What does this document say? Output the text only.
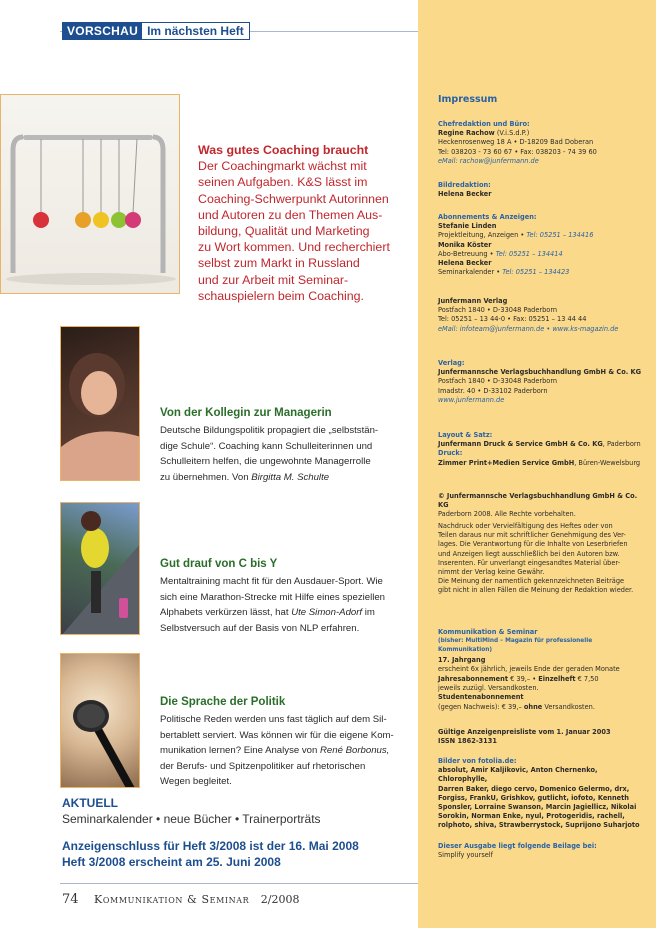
VORSCHAU Im nächsten Heft
Impressum
Chefredaktion und Büro:
Regine Rachow (V.i.S.d.P.)
Heckenrosenweg 18 A • D-18209 Bad Doberan
Tel: 038203 - 73 60 67 • Fax: 038203 - 74 39 60
eMail: rachow@junfermann.de
Bildredaktion:
Helena Becker
Abonnements & Anzeigen:
Stefanie Linden
Projektleitung, Anzeigen • Tel: 05251 – 134416
Monika Köster
Abo-Betreuung • Tel: 05251 – 134414
Helena Becker
Seminarkalender • Tel: 05251 – 134423
Junfermann Verlag
Postfach 1840 • D-33048 Paderborn
Tel: 05251 – 13 44-0 • Fax: 05251 – 13 44 44
eMail: infoteam@junfermann.de • www.ks-magazin.de
Verlag:
Junfermannsche Verlagsbuchhandlung GmbH & Co. KG
Postfach 1840 • D-33048 Paderborn
Imadstr. 40 • D-33102 Paderborn
www.junfermann.de
Layout & Satz:
Junfermann Druck & Service GmbH & Co. KG, Paderborn
Druck:
Zimmer Print+Medien Service GmbH, Büren-Wewelsburg
© Junfermannsche Verlagsbuchhandlung GmbH & Co. KG
Paderborn 2008. Alle Rechte vorbehalten.
Nachdruck oder Vervielfältigung des Heftes oder von
Teilen daraus nur mit schriftlicher Genehmigung des Ver-
lages. Die Verantwortung für die Inhalte von Leserbriefen
und Anzeigen liegt ausschließlich bei den Autoren bzw.
Inserenten. Für unverlangt eingesandtes Material über-
nimmt der Verlag keine Gewähr.
Die Meinung der namentlich gekennzeichneten Beiträge
gibt nicht in allen Fällen die Meinung der Redaktion wieder.
Kommunikation & Seminar
(bisher: MultiMind – Magazin für professionelle Kommunikation)
17. Jahrgang
erscheint 6x jährlich, jeweils Ende der geraden Monate
Jahresabonnement € 39,– • Einzelheft € 7,50
jeweils zuzügl. Versandkosten.
Studentenabonnement
(gegen Nachweis): € 39,– ohne Versandkosten.
Gültige Anzeigenpreisliste vom 1. Januar 2003
ISSN 1862-3131
Bilder von fotolia.de:
absolut, Amir Kaljikovic, Anton Chernenko, Chlorophylle,
Darren Baker, diego cervo, Domenico Gelermo, drx,
Forgiss, FrankU, Grishkov, gutlicht, iofoto, Kenneth
Sponsler, Lorraine Swanson, Marcin Jagiellicz, Nikolai
Sorokin, Norman Enke, nyul, Protogeridis, rachell,
rolphoto, shiva, Strawberrystock, Suprijono Suharjoto
Dieser Ausgabe liegt folgende Beilage bei:
Simplify yourself
Was gutes Coaching braucht
Der Coachingmarkt wächst mit
seinen Aufgaben. K&S lässt im
Coaching-Schwerpunkt Autorinnen
und Autoren zu den Themen Aus-
bildung, Qualität und Marketing
zu Wort kommen. Und recherchiert
selbst zum Markt in Russland
und zur Arbeit mit Seminar-
schauspielern beim Coaching.
Von der Kollegin zur Managerin
Deutsche Bildungspolitik propagiert die „selbststän-
dige Schule“. Coaching kann Schulleiterinnen und
Schulleitern helfen, die ungewohnte Managerrolle
zu übernehmen. Von Birgitta M. Schulte
Gut drauf von C bis Y
Mentaltraining macht fit für den Ausdauer-Sport. Wie
sich eine Marathon-Strecke mit Hilfe eines speziellen
Alphabets verkürzen lässt, hat Ute Simon-Adorf im
Selbstversuch auf der Basis von NLP erfahren.
Die Sprache der Politik
Politische Reden werden uns fast täglich auf dem Sil-
bertablett serviert. Was können wir für die eigene Kom-
munikation lernen? Eine Analyse von René Borbonus,
der Berufs- und Spitzenpolitiker auf rhetorischen
Wegen begleitet.
AKTUELL
Seminarkalender • neue Bücher • Trainerporträts
Anzeigenschluss für Heft 3/2008 ist der 16. Mai 2008
Heft 3/2008 erscheint am 25. Juni 2008
74 Kommunikation & Seminar 2/2008
